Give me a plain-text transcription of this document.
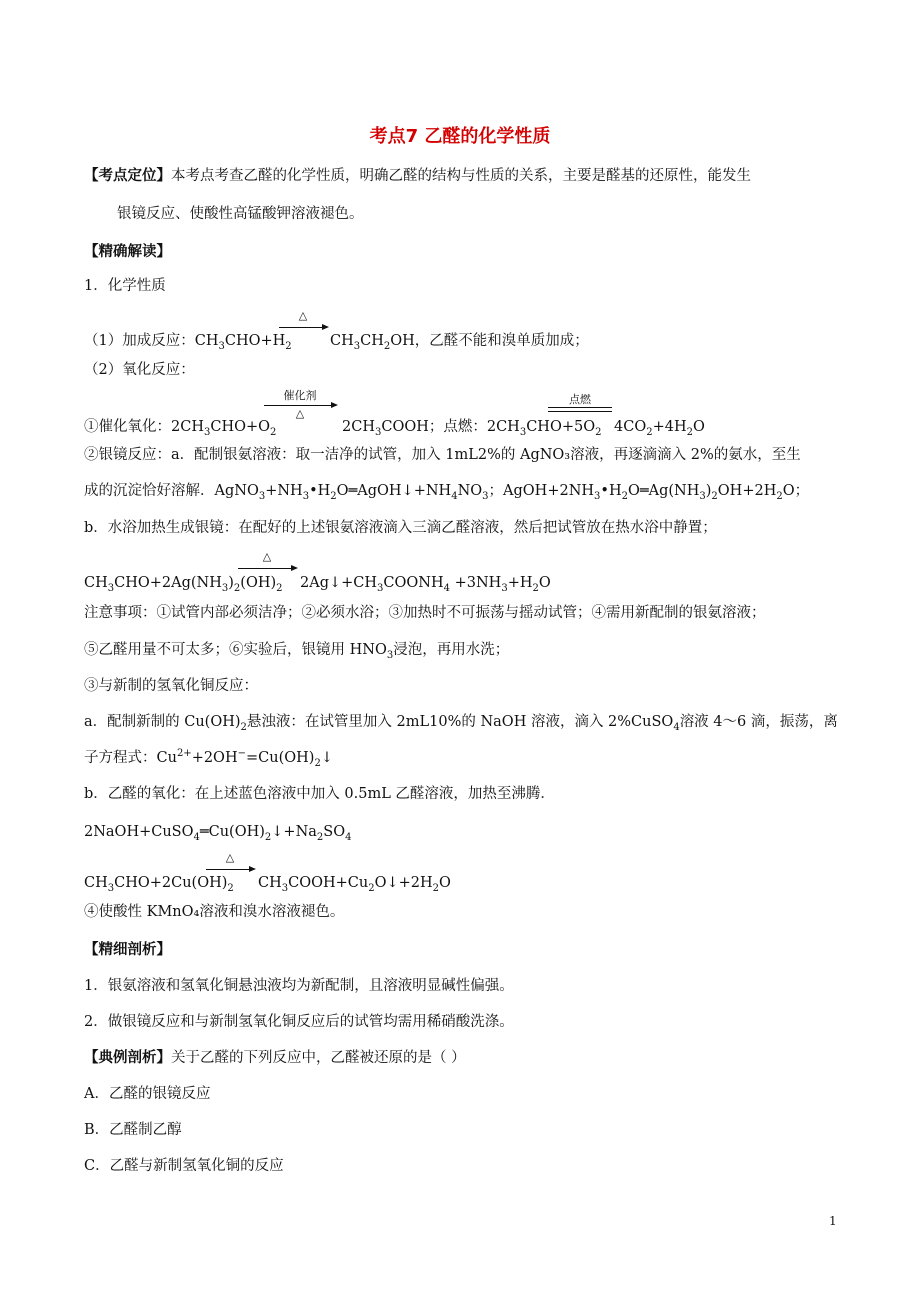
考点7 乙醛的化学性质
【考点定位】本考点考查乙醛的化学性质，明确乙醛的结构与性质的关系，主要是醛基的还原性，能发生
银镜反应、使酸性高锰酸钾溶液褪色。
【精确解读】
1．化学性质
（1）加成反应：$CH_3CHO+H_2$
△
$CH_3CH_2OH$，乙醛不能和溴单质加成；
（2）氧化反应：
①催化氧化：$2CH_3CHO+O_2$
催化剂
△
$2CH_3COOH$；点燃：$2CH_3CHO+5O_2$
点燃
$4CO_2+4H_2O$
②银镜反应：a．配制银氨溶液：取一洁净的试管，加入 1mL2%的 AgNO₃溶液，再逐滴滴入 2%的氨水，至生
成的沉淀恰好溶解．$AgNO_3+NH_3•H_2O═AgOH↓+NH_4NO_3$；$AgOH+2NH_3•H_2O═Ag(NH_3)_2OH+2H_2O$；
b．水浴加热生成银镜：在配好的上述银氨溶液滴入三滴乙醛溶液，然后把试管放在热水浴中静置；
$CH_3CHO+2Ag(NH_3)_2(OH)_2$
△
$2Ag↓+CH_3COONH_4 +3NH_3+H_2O$
注意事项：①试管内部必须洁净；②必须水浴；③加热时不可振荡与摇动试管；④需用新配制的银氨溶液；
⑤乙醛用量不可太多；⑥实验后，银镜用 $HNO_3$浸泡，再用水洗；
③与新制的氢氧化铜反应：
a．配制新制的 $Cu(OH)_2$悬浊液：在试管里加入 2mL10%的 NaOH 溶液，滴入 2%CuSO$_4$溶液 4～6 滴，振荡，离
子方程式：$Cu^{2+}+2OH^-=Cu(OH)_2↓$
b．乙醛的氧化：在上述蓝色溶液中加入 0.5mL 乙醛溶液，加热至沸腾．
$2NaOH+CuSO_4═Cu(OH)_2↓+Na_2SO_4$
$CH_3CHO+2Cu(OH)_2$
△
$CH_3COOH+Cu_2O↓+2H_2O$
④使酸性 KMnO₄溶液和溴水溶液褪色。
【精细剖析】
1．银氨溶液和氢氧化铜悬浊液均为新配制，且溶液明显碱性偏强。
2．做银镜反应和与新制氢氧化铜反应后的试管均需用稀硝酸洗涤。
【典例剖析】关于乙醛的下列反应中，乙醛被还原的是（ ）
A．乙醛的银镜反应
B．乙醛制乙醇
C．乙醛与新制氢氧化铜的反应
1
